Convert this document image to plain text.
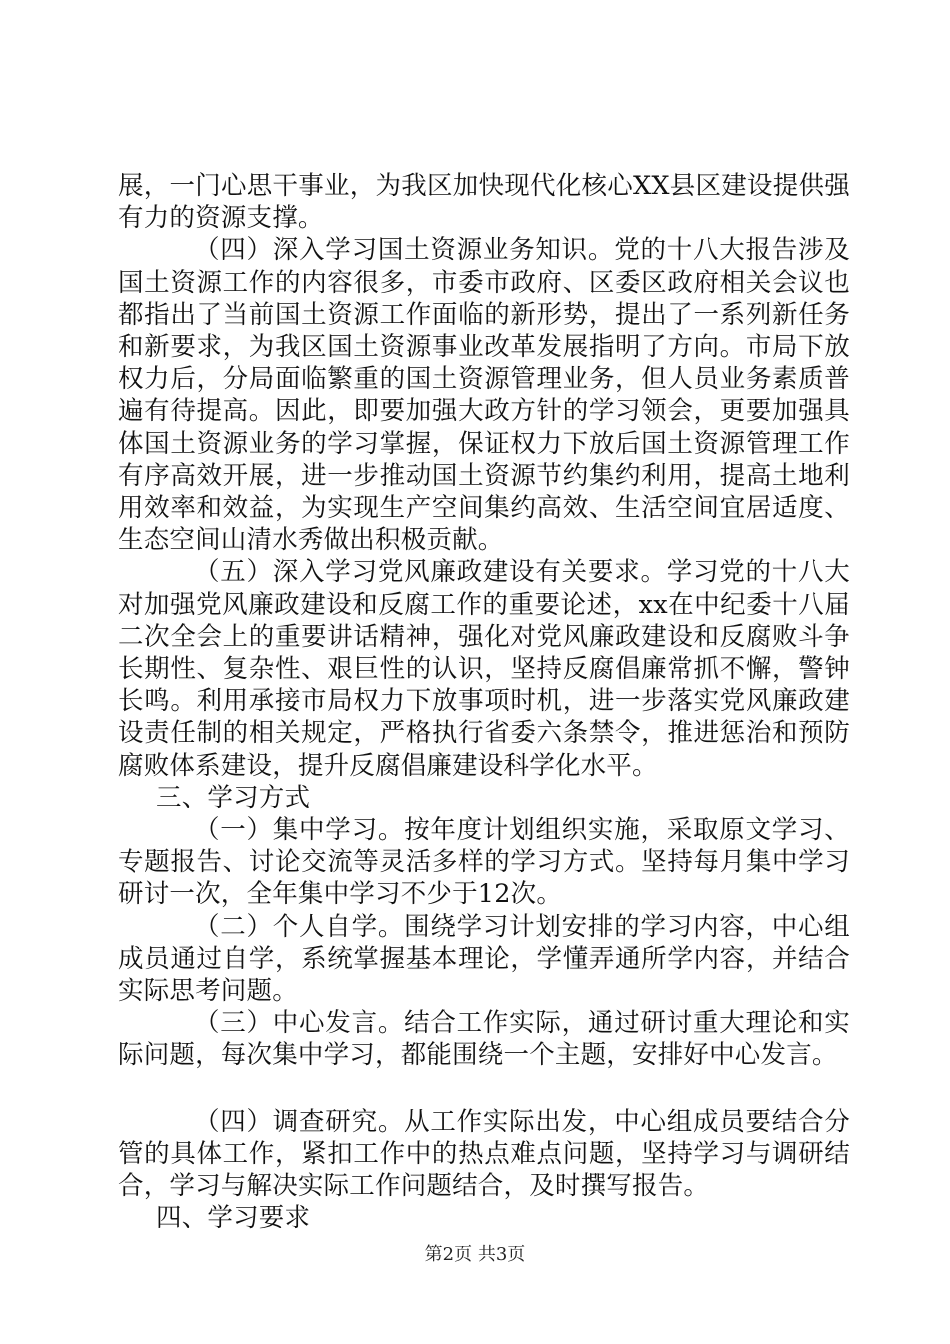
展，一门心思干事业，为我区加快现代化核心XX县区建设提供强有力的资源支撑。

（四）深入学习国土资源业务知识。党的十八大报告涉及国土资源工作的内容很多，市委市政府、区委区政府相关会议也都指出了当前国土资源工作面临的新形势，提出了一系列新任务和新要求，为我区国土资源事业改革发展指明了方向。市局下放权力后，分局面临繁重的国土资源管理业务，但人员业务素质普遍有待提高。因此，即要加强大政方针的学习领会，更要加强具体国土资源业务的学习掌握，保证权力下放后国土资源管理工作有序高效开展，进一步推动国土资源节约集约利用，提高土地利用效率和效益，为实现生产空间集约高效、生活空间宜居适度、生态空间山清水秀做出积极贡献。

（五）深入学习党风廉政建设有关要求。学习党的十八大对加强党风廉政建设和反腐工作的重要论述，xx在中纪委十八届二次全会上的重要讲话精神，强化对党风廉政建设和反腐败斗争长期性、复杂性、艰巨性的认识，坚持反腐倡廉常抓不懈，警钟长鸣。利用承接市局权力下放事项时机，进一步落实党风廉政建设责任制的相关规定，严格执行省委六条禁令，推进惩治和预防腐败体系建设，提升反腐倡廉建设科学化水平。

三、学习方式

（一）集中学习。按年度计划组织实施，采取原文学习、专题报告、讨论交流等灵活多样的学习方式。坚持每月集中学习研讨一次，全年集中学习不少于12次。

（二）个人自学。围绕学习计划安排的学习内容，中心组成员通过自学，系统掌握基本理论，学懂弄通所学内容，并结合实际思考问题。

（三）中心发言。结合工作实际，通过研讨重大理论和实际问题，每次集中学习，都能围绕一个主题，安排好中心发言。

（四）调查研究。从工作实际出发，中心组成员要结合分管的具体工作，紧扣工作中的热点难点问题，坚持学习与调研结合，学习与解决实际工作问题结合，及时撰写报告。

四、学习要求

第2页 共3页
